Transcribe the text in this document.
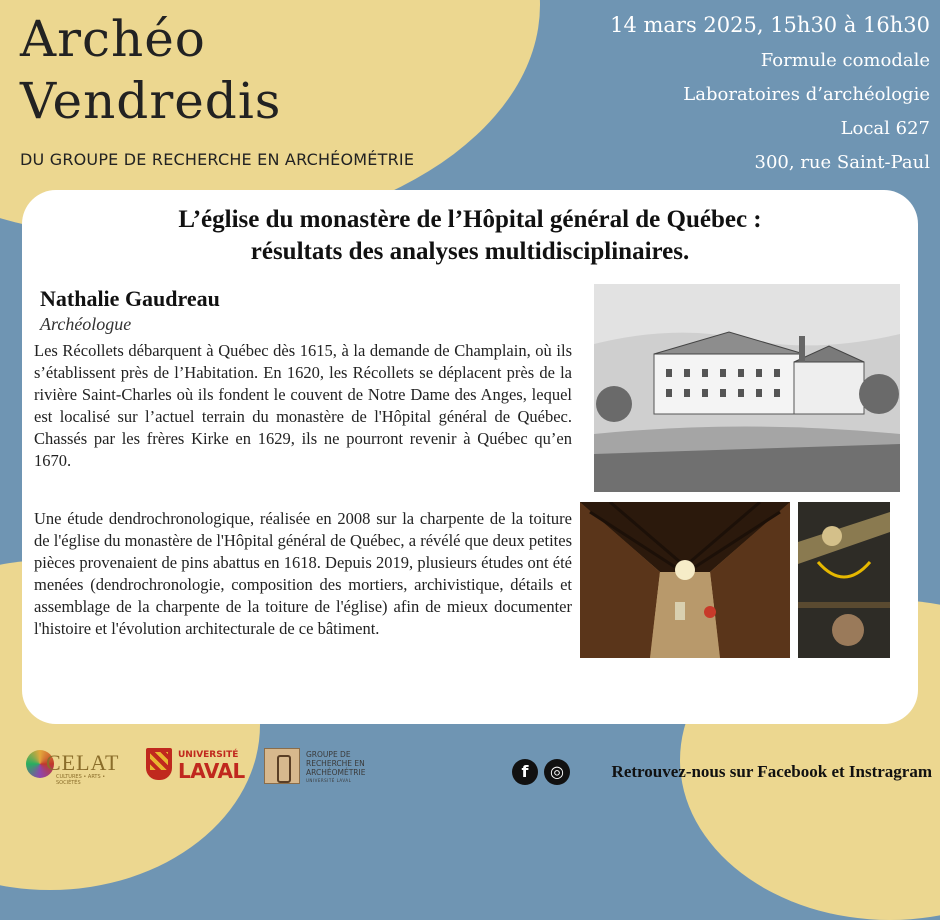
Archéo
Vendredis
DU GROUPE DE RECHERCHE EN ARCHÉOMÉTRIE
14 mars 2025, 15h30 à 16h30
Formule comodale
Laboratoires d’archéologie
Local 627
300, rue Saint-Paul
L’église du monastère de l’Hôpital général de Québec :
résultats des analyses multidisciplinaires.
Nathalie Gaudreau
Archéologue

Les Récollets débarquent à Québec dès 1615, à la demande de Champlain, où ils s’établissent près de l’Habitation. En 1620, les Récollets se déplacent près de la rivière Saint-Charles où ils fondent le couvent de Notre Dame des Anges, lequel est localisé sur l’actuel terrain du monastère de l'Hôpital général de Québec. Chassés par les frères Kirke en 1629, ils ne pourront revenir à Québec qu’en 1670.

Une étude dendrochronologique, réalisée en 2008 sur la charpente de la toiture de l'église du monastère de l'Hôpital général de Québec, a révélé que deux petites pièces provenaient de pins abattus en 1618. Depuis 2019, plusieurs études ont été menées (dendrochronologie, composition des mortiers, archivistique, détails et assemblage de la charpente de la toiture de l'église) afin de mieux documenter l'histoire et l'évolution architecturale de ce bâtiment.

CELAT
CULTURES • ARTS • SOCIÉTÉS
UNIVERSITÉ
LAVAL
GROUPE DE RECHERCHE EN ARCHÉOMÉTRIE
UNIVERSITÉ LAVAL	f	◎	Retrouvez-nous sur Facebook et Instragram
